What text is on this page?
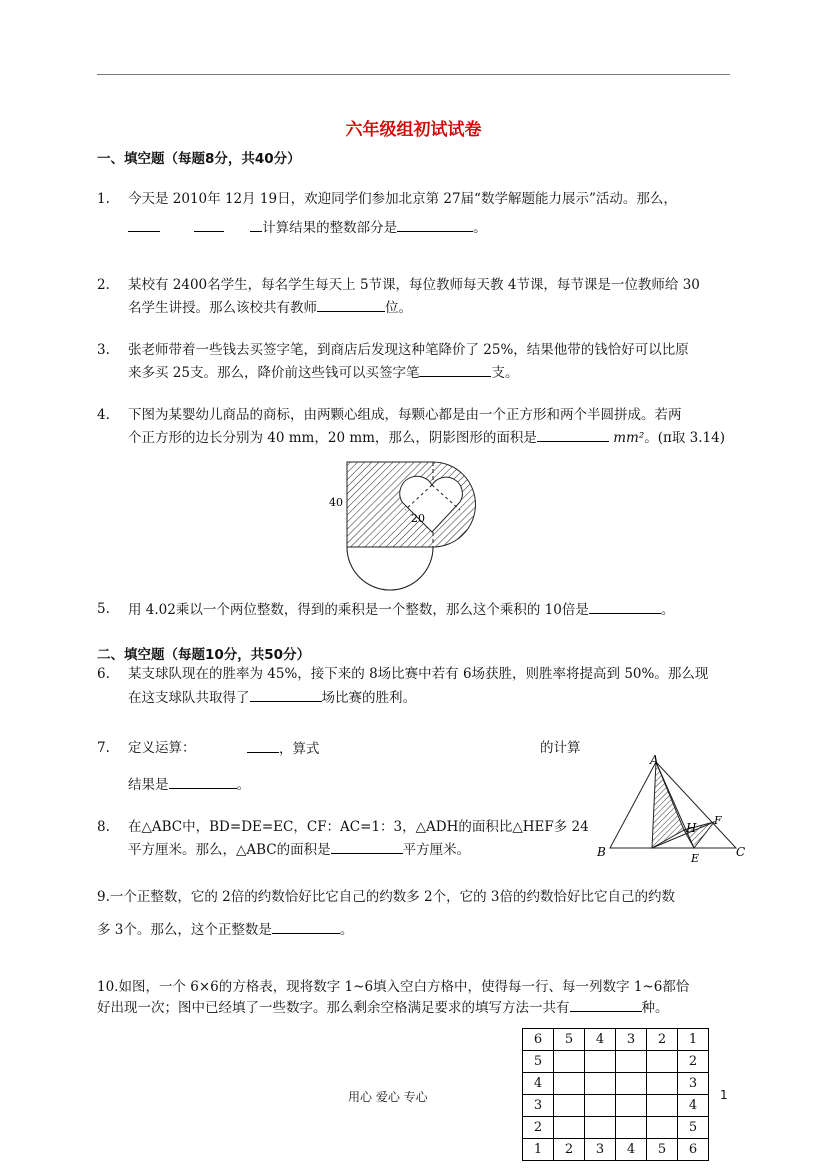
六年级组初试试卷
一、填空题（每题8分，共40分）
1. 今天是 2010年 12月 19日，欢迎同学们参加北京第 27届“数学解题能力展示”活动。那么，
计算结果的整数部分是	。
2. 某校有 2400名学生，每名学生每天上 5节课，每位教师每天教 4节课，每节课是一位教师给 30
名学生讲授。那么该校共有教师	位。
3. 张老师带着一些钱去买签字笔，到商店后发现这种笔降价了 25%，结果他带的钱恰好可以比原
来多买 25支。那么，降价前这些钱可以买签字笔	支。
4. 下图为某婴幼儿商品的商标，由两颗心组成，每颗心都是由一个正方形和两个半圆拼成。若两
个正方形的边长分别为 40 mm，20 mm，那么，阴影图形的面积是	mm²。(π取 3.14)
40
20
5. 用 4.02乘以一个两位整数，得到的乘积是一个整数，那么这个乘积的 10倍是	。
二、填空题（每题10分，共50分）
6. 某支球队现在的胜率为 45%，接下来的 8场比赛中若有 6场获胜，则胜率将提高到 50%。那么现
在这支球队共取得了	场比赛的胜利。
7. 定义运算：	，算式	的计算
结果是	。
8. 在△ABC中，BD=DE=EC，CF：AC=1：3，△ADH的面积比△HEF多 24
平方厘米。那么，△ABC的面积是	平方厘米。
A
B	C
E
F
H
9.一个正整数，它的 2倍的约数恰好比它自己的约数多 2个，它的 3倍的约数恰好比它自己的约数
多 3个。那么，这个正整数是	。
10.如图，一个 6×6的方格表，现将数字 1~6填入空白方格中，使得每一行、每一列数字 1~6都恰
好出现一次；图中已经填了一些数字。那么剩余空格满足要求的填写方法一共有	种。
6	5	4	3	2	1
5					2
4					3
3					4
2					5
1	2	3	4	5	6
用心 爱心 专心	1
